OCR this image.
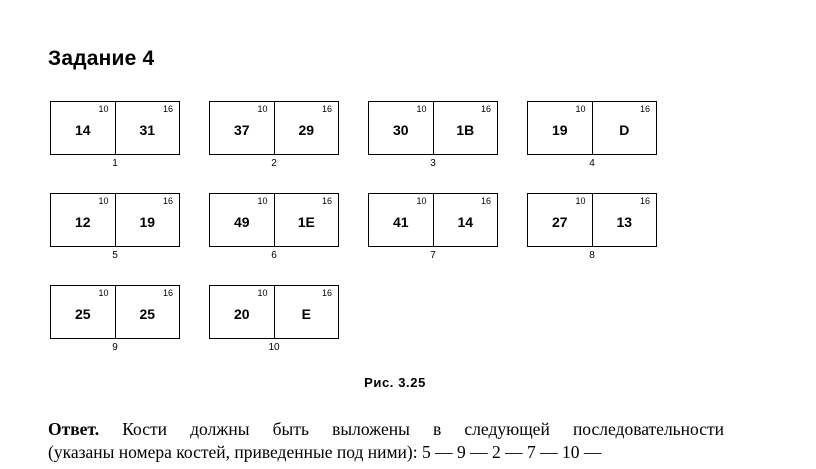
Задание 4
10
14
16
31
1
10
37
16
29
2
10
30
16
1B
3
10
19
16
D
4
10
12
16
19
5
10
49
16
1E
6
10
41
16
14
7
10
27
16
13
8
10
25
16
25
9
10
20
16
E
10
Рис. 3.25
Ответ. Кости должны быть выложены в следующей последовательности
(указаны номера костей, приведенные под ними): 5 — 9 — 2 — 7 — 10 —
